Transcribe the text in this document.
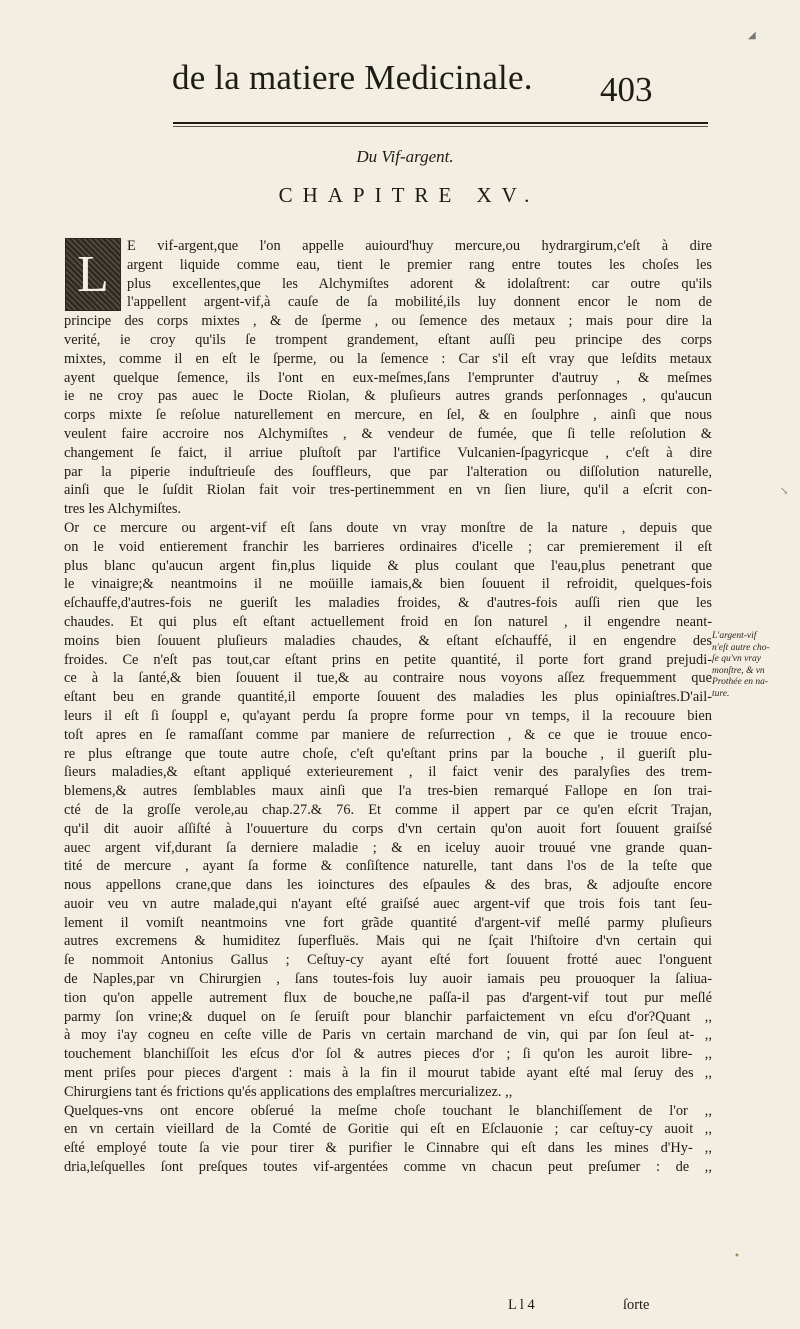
de la matiere Medicinale. 403
Du Vif-argent.
CHAPITRE XV.
L	E vif-argent,que l'on appelle auiourd'huy mercure,ou hydrargirum,c'eſt à dire
argent liquide comme eau, tient le premier rang entre toutes les choſes les
plus excellentes,que les Alchymiſtes adorent & idolaſtrent: car outre qu'ils
l'appellent argent-vif,à cauſe de ſa mobilité,ils luy donnent encor le nom de
principe des corps mixtes , & de ſperme , ou ſemence des metaux ; mais pour dire la
verité, ie croy qu'ils ſe trompent grandement, eſtant auſſi peu principe des corps
mixtes, comme il en eſt le ſperme, ou la ſemence : Car s'il eſt vray que leſdits metaux
ayent quelque ſemence, ils l'ont en eux-meſmes,ſans l'emprunter d'autruy , & meſmes
ie ne croy pas auec le Docte Riolan, & pluſieurs autres grands perſonnages , qu'aucun
corps mixte ſe reſolue naturellement en mercure, en ſel, & en ſoulphre , ainſi que nous
veulent faire accroire nos Alchymiſtes , & vendeur de fumée, que ſi telle reſolution &
changement ſe faict, il arriue pluſtoſt par l'artifice Vulcanien-ſpagyricque , c'eſt à dire
par la piperie induſtrieuſe des ſouffleurs, que par l'alteration ou diſſolution naturelle,
ainſi que le ſuſdit Riolan fait voir tres-pertinemment en vn ſien liure, qu'il a eſcrit con-
tres les Alchymiſtes.
Or ce mercure ou argent-vif eſt ſans doute vn vray monſtre de la nature , depuis que
on le void entierement franchir les barrieres ordinaires d'icelle ; car premierement il eſt
plus blanc qu'aucun argent fin,plus liquide & plus coulant que l'eau,plus penetrant que
le vinaigre;& neantmoins il ne moüille iamais,& bien ſouuent il refroidit, quelques-fois
eſchauffe,d'autres-fois ne gueriſt les maladies froides, & d'autres-fois auſſi rien que les
chaudes. Et qui plus eſt eſtant actuellement froid en ſon naturel , il engendre neant-
moins bien ſouuent pluſieurs maladies chaudes, & eſtant eſchauffé, il en engendre des
froides. Ce n'eſt pas tout,car eſtant prins en petite quantité, il porte fort grand prejudi-
ce à la ſanté,& bien ſouuent il tue,& au contraire nous voyons aſſez frequemment que
eſtant beu en grande quantité,il emporte ſouuent des maladies les plus opiniaſtres.D'ail-
leurs il eſt ſi ſouppl e, qu'ayant perdu ſa propre forme pour vn temps, il la recouure bien
toſt apres en ſe ramaſſant comme par maniere de reſurrection , & ce que ie trouue enco-
re plus eſtrange que toute autre choſe, c'eſt qu'eſtant prins par la bouche , il gueriſt plu-
ſieurs maladies,& eſtant appliqué exterieurement , il faict venir des paralyſies des trem-
blemens,& autres ſemblables maux ainſi que l'a tres-bien remarqué Fallope en ſon trai-
cté de la groſſe verole,au chap.27.& 76. Et comme il appert par ce qu'en eſcrit Trajan,
qu'il dit auoir aſſiſté à l'ouuerture du corps d'vn certain qu'on auoit fort ſouuent graiſsé
auec argent vif,durant ſa derniere maladie ; & en iceluy auoir trouué vne grande quan-
tité de mercure , ayant ſa forme & conſiſtence naturelle, tant dans l'os de la teſte que
nous appellons crane,que dans les ioinctures des eſpaules & des bras, & adjouſte encore
auoir veu vn autre malade,qui n'ayant eſté graiſsé auec argent-vif que trois fois tant ſeu-
lement il vomiſt neantmoins vne fort grãde quantité d'argent-vif meſlé parmy pluſieurs
autres excremens & humiditez ſuperfluës. Mais qui ne ſçait l'hiſtoire d'vn certain qui
ſe nommoit Antonius Gallus ; Ceſtuy-cy ayant eſté fort ſouuent frotté auec l'onguent
de Naples,par vn Chirurgien , ſans toutes-fois luy auoir iamais peu prouoquer la ſaliua-
tion qu'on appelle autrement flux de bouche,ne paſſa-il pas d'argent-vif tout pur meſlé
parmy ſon vrine;& duquel on ſe ſeruiſt pour blanchir parfaictement vn eſcu d'or?Quant ,,
à moy i'ay cogneu en ceſte ville de Paris vn certain marchand de vin, qui par ſon ſeul at- ,,
touchement blanchiſſoit les eſcus d'or ſol & autres pieces d'or ; ſi qu'on les auroit libre- ,,
ment priſes pour pieces d'argent : mais à la fin il mourut tabide ayant eſté mal ſeruy des ,,
Chirurgiens tant és frictions qu'és applications des emplaſtres mercurializez. ,,
Quelques-vns ont encore obſerué la meſme choſe touchant le blanchiſſement de l'or ,,
en vn certain vieillard de la Comté de Goritie qui eſt en Eſclauonie ; car ceſtuy-cy auoit ,,
eſté employé toute ſa vie pour tirer & purifier le Cinnabre qui eſt dans les mines d'Hy- ,,
dria,leſquelles ſont preſques toutes vif-argentées comme vn chacun peut preſumer : de ,,
L'argent-vif
n'eſt autre cho-
ſe qu'vn vray
monſtre, & vn
Prothée en na-
ture.
L l 4	ſorte
◢
↘
•
